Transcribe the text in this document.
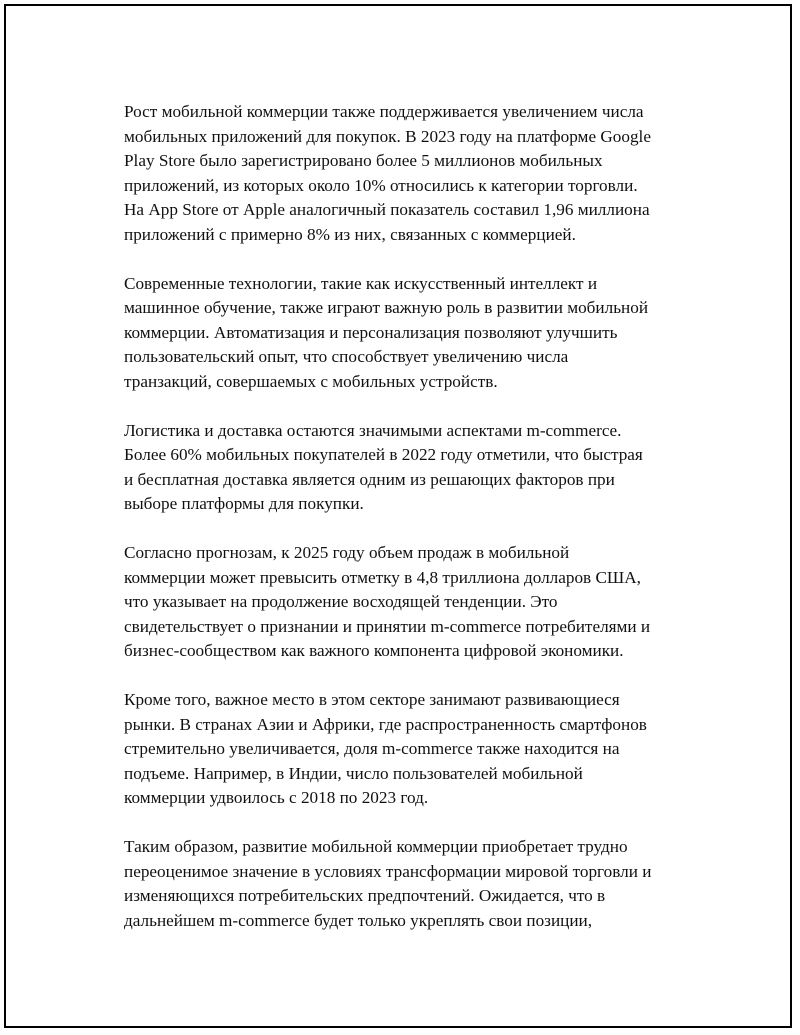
Рост мобильной коммерции также поддерживается увеличением числа
мобильных приложений для покупок. В 2023 году на платформе Google
Play Store было зарегистрировано более 5 миллионов мобильных
приложений, из которых около 10% относились к категории торговли.
На App Store от Apple аналогичный показатель составил 1,96 миллиона
приложений с примерно 8% из них, связанных с коммерцией.

Современные технологии, такие как искусственный интеллект и
машинное обучение, также играют важную роль в развитии мобильной
коммерции. Автоматизация и персонализация позволяют улучшить
пользовательский опыт, что способствует увеличению числа
транзакций, совершаемых с мобильных устройств.

Логистика и доставка остаются значимыми аспектами m-commerce.
Более 60% мобильных покупателей в 2022 году отметили, что быстрая
и бесплатная доставка является одним из решающих факторов при
выборе платформы для покупки.

Согласно прогнозам, к 2025 году объем продаж в мобильной
коммерции может превысить отметку в 4,8 триллиона долларов США,
что указывает на продолжение восходящей тенденции. Это
свидетельствует о признании и принятии m-commerce потребителями и
бизнес-сообществом как важного компонента цифровой экономики.

Кроме того, важное место в этом секторе занимают развивающиеся
рынки. В странах Азии и Африки, где распространенность смартфонов
стремительно увеличивается, доля m-commerce также находится на
подъеме. Например, в Индии, число пользователей мобильной
коммерции удвоилось с 2018 по 2023 год.

Таким образом, развитие мобильной коммерции приобретает трудно
переоценимое значение в условиях трансформации мировой торговли и
изменяющихся потребительских предпочтений. Ожидается, что в
дальнейшем m-commerce будет только укреплять свои позиции,
